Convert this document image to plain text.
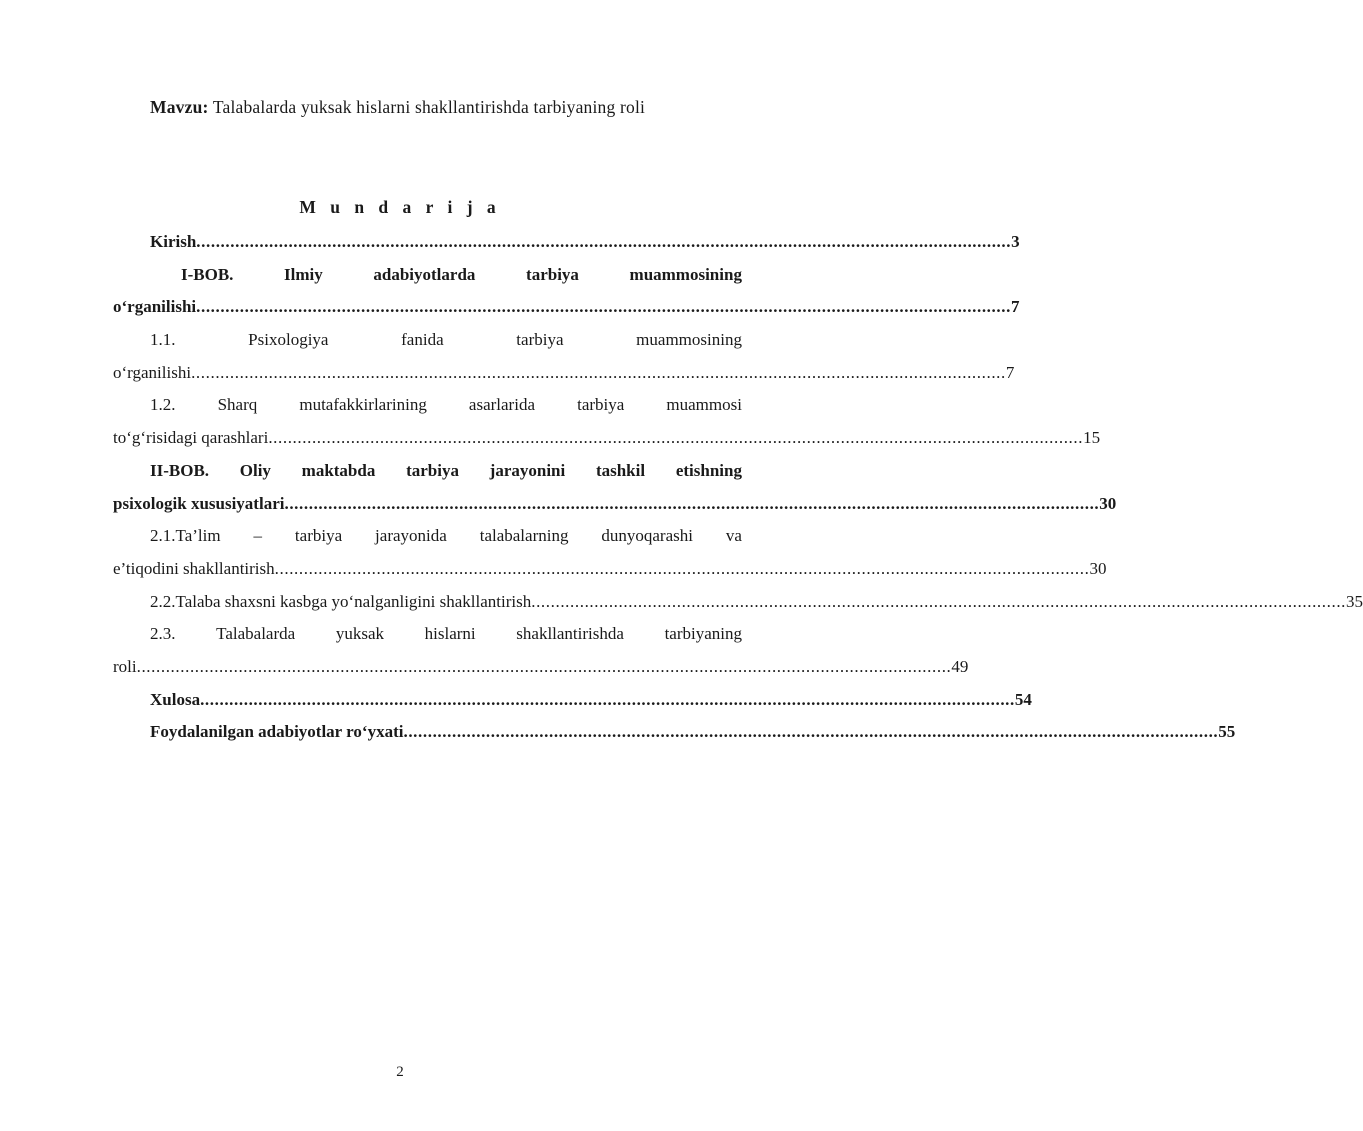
Mavzu: Talabalarda yuksak hislarni shakllantirishda tarbiyaning roli
M u n d a r i j a
Kirish ........................................................................................................................................................................ 3
I-BOB.	Ilmiy	adabiyotlarda	tarbiya	muammosining
o‘rganilishi ........................................................................................................................................................................ 7
1.1.	Psixologiya	fanida	tarbiya	muammosining
o‘rganilishi ........................................................................................................................................................................ 7
1.2. Sharq mutafakkirlarining asarlarida tarbiya muammosi
to‘g‘risidagi qarashlari ........................................................................................................................................................................ 15
II-BOB. Oliy maktabda tarbiya jarayonini tashkil etishning
psixologik xususiyatlari ........................................................................................................................................................................ 30
2.1.Ta’lim – tarbiya jarayonida talabalarning dunyoqarashi va
e’tiqodini shakllantirish ........................................................................................................................................................................ 30
2.2.Talaba shaxsni kasbga yo‘nalganligini shakllantirish ........................................................................................................................................................................ 35
2.3. Talabalarda yuksak hislarni shakllantirishda tarbiyaning
roli ........................................................................................................................................................................ 49
Xulosa ........................................................................................................................................................................ 54
Foydalanilgan adabiyotlar ro‘yxati ........................................................................................................................................................................ 55
2
